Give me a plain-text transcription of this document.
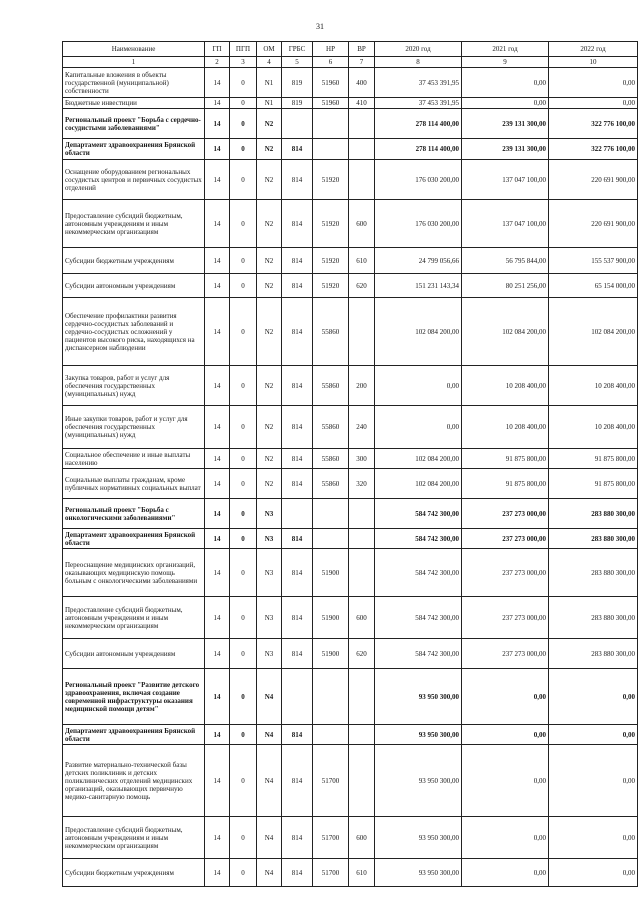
31
Наименование	ГП	ПГП	ОМ	ГРБС	НР	ВР	2020 год	2021 год	2022 год
1	2	3	4	5	6	7	8	9	10
Капитальные вложения в объекты государственной (муниципальной) собственности	14	0	N1	819	51960	400	37 453 391,95	0,00	0,00
Бюджетные инвестиции	14	0	N1	819	51960	410	37 453 391,95	0,00	0,00
Региональный проект "Борьба с сердечно-сосудистыми заболеваниями"	14	0	N2				278 114 400,00	239 131 300,00	322 776 100,00
Департамент здравоохранения Брянской области	14	0	N2	814			278 114 400,00	239 131 300,00	322 776 100,00
Оснащение оборудованием региональных сосудистых центров и первичных сосудистых отделений	14	0	N2	814	51920		176 030 200,00	137 047 100,00	220 691 900,00
Предоставление субсидий бюджетным, автономным учреждениям и иным некоммерческим организациям	14	0	N2	814	51920	600	176 030 200,00	137 047 100,00	220 691 900,00
Субсидии бюджетным учреждениям	14	0	N2	814	51920	610	24 799 056,66	56 795 844,00	155 537 900,00
Субсидии автономным учреждениям	14	0	N2	814	51920	620	151 231 143,34	80 251 256,00	65 154 000,00
Обеспечение профилактики развития сердечно-сосудистых заболеваний и сердечно-сосудистых осложнений у пациентов высокого риска, находящихся на диспансерном наблюдении	14	0	N2	814	55860		102 084 200,00	102 084 200,00	102 084 200,00
Закупка товаров, работ и услуг для обеспечения государственных (муниципальных) нужд	14	0	N2	814	55860	200	0,00	10 208 400,00	10 208 400,00
Иные закупки товаров, работ и услуг для обеспечения государственных (муниципальных) нужд	14	0	N2	814	55860	240	0,00	10 208 400,00	10 208 400,00
Социальное обеспечение и иные выплаты населению	14	0	N2	814	55860	300	102 084 200,00	91 875 800,00	91 875 800,00
Социальные выплаты гражданам, кроме публичных нормативных социальных выплат	14	0	N2	814	55860	320	102 084 200,00	91 875 800,00	91 875 800,00
Региональный проект "Борьба с онкологическими заболеваниями"	14	0	N3				584 742 300,00	237 273 000,00	283 880 300,00
Департамент здравоохранения Брянской области	14	0	N3	814			584 742 300,00	237 273 000,00	283 880 300,00
Переоснащение медицинских организаций, оказывающих медицинскую помощь больным с онкологическими заболеваниями	14	0	N3	814	51900		584 742 300,00	237 273 000,00	283 880 300,00
Предоставление субсидий бюджетным, автономным учреждениям и иным некоммерческим организациям	14	0	N3	814	51900	600	584 742 300,00	237 273 000,00	283 880 300,00
Субсидии автономным учреждениям	14	0	N3	814	51900	620	584 742 300,00	237 273 000,00	283 880 300,00
Региональный проект "Развитие детского здравоохранения, включая создание современной инфраструктуры оказания медицинской помощи детям"	14	0	N4				93 950 300,00	0,00	0,00
Департамент здравоохранения Брянской области	14	0	N4	814			93 950 300,00	0,00	0,00
Развитие материально-технической базы детских поликлиник и детских поликлинических отделений медицинских организаций, оказывающих первичную медико-санитарную помощь	14	0	N4	814	51700		93 950 300,00	0,00	0,00
Предоставление субсидий бюджетным, автономным учреждениям и иным некоммерческим организациям	14	0	N4	814	51700	600	93 950 300,00	0,00	0,00
Субсидии бюджетным учреждениям	14	0	N4	814	51700	610	93 950 300,00	0,00	0,00
